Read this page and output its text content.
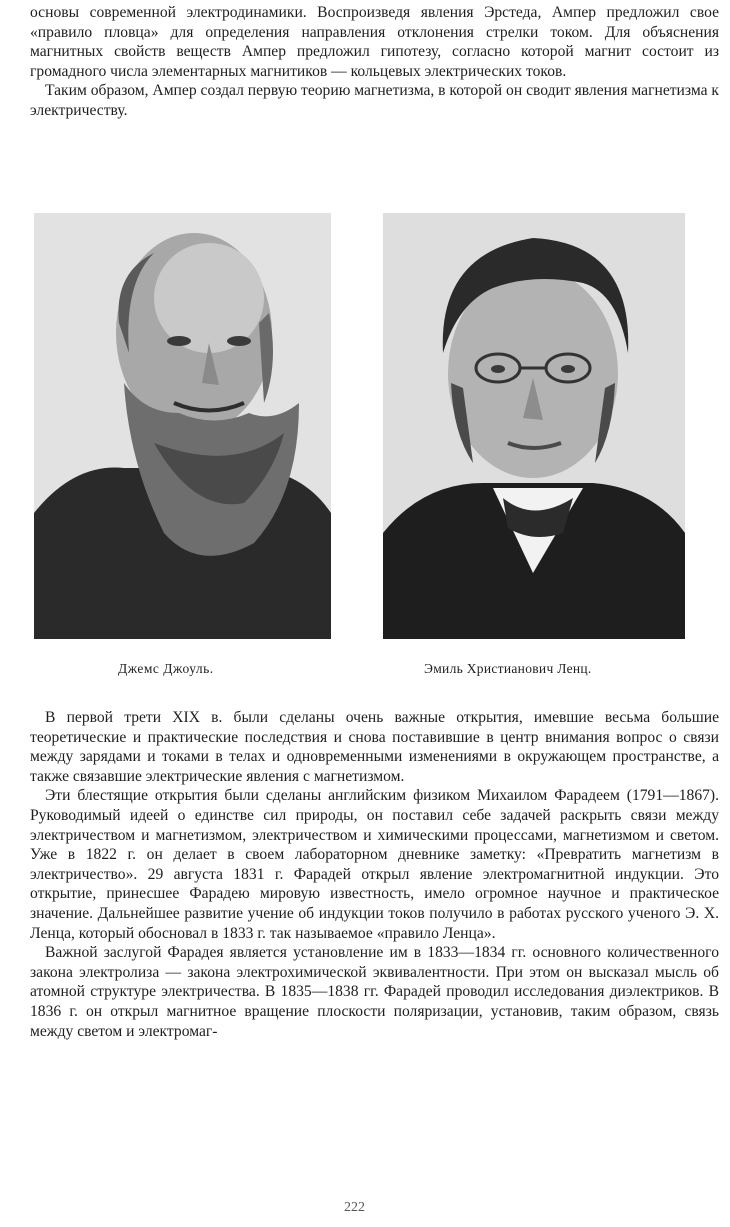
основы современной электродинамики. Воспроизведя явления Эрстеда, Ампер предложил свое «правило пловца» для определения направления отклонения стрелки током. Для объяснения магнитных свойств веществ Ампер предложил гипотезу, согласно которой магнит состоит из громадного числа элементарных магнитиков — кольцевых электрических токов.

Таким образом, Ампер создал первую теорию магнетизма, в которой он сводит явления магнетизма к электричеству.

Джемс Джоуль.	Эмиль Христианович Ленц.

В первой трети XIX в. были сделаны очень важные открытия, имевшие весьма большие теоретические и практические последствия и снова поставившие в центр внимания вопрос о связи между зарядами и токами в телах и одновременными изменениями в окружающем пространстве, а также связавшие электрические явления с магнетизмом.

Эти блестящие открытия были сделаны английским физиком Михаилом Фарадеем (1791—1867). Руководимый идеей о единстве сил природы, он поставил себе задачей раскрыть связи между электричеством и магнетизмом, электричеством и химическими процессами, магнетизмом и светом. Уже в 1822 г. он делает в своем лабораторном дневнике заметку: «Превратить магнетизм в электричество». 29 августа 1831 г. Фарадей открыл явление электромагнитной индукции. Это открытие, принесшее Фарадею мировую известность, имело огромное научное и практическое значение. Дальнейшее развитие учение об индукции токов получило в работах русского ученого Э. Х. Ленца, который обосновал в 1833 г. так называемое «правило Ленца».

Важной заслугой Фарадея является установление им в 1833—1834 гг. основного количественного закона электролиза — закона электрохимической эквивалентности. При этом он высказал мысль об атомной структуре электричества. В 1835—1838 гг. Фарадей проводил исследования диэлектриков. В 1836 г. он открыл магнитное вращение плоскости поляризации, установив, таким образом, связь между светом и электромаг-

222
